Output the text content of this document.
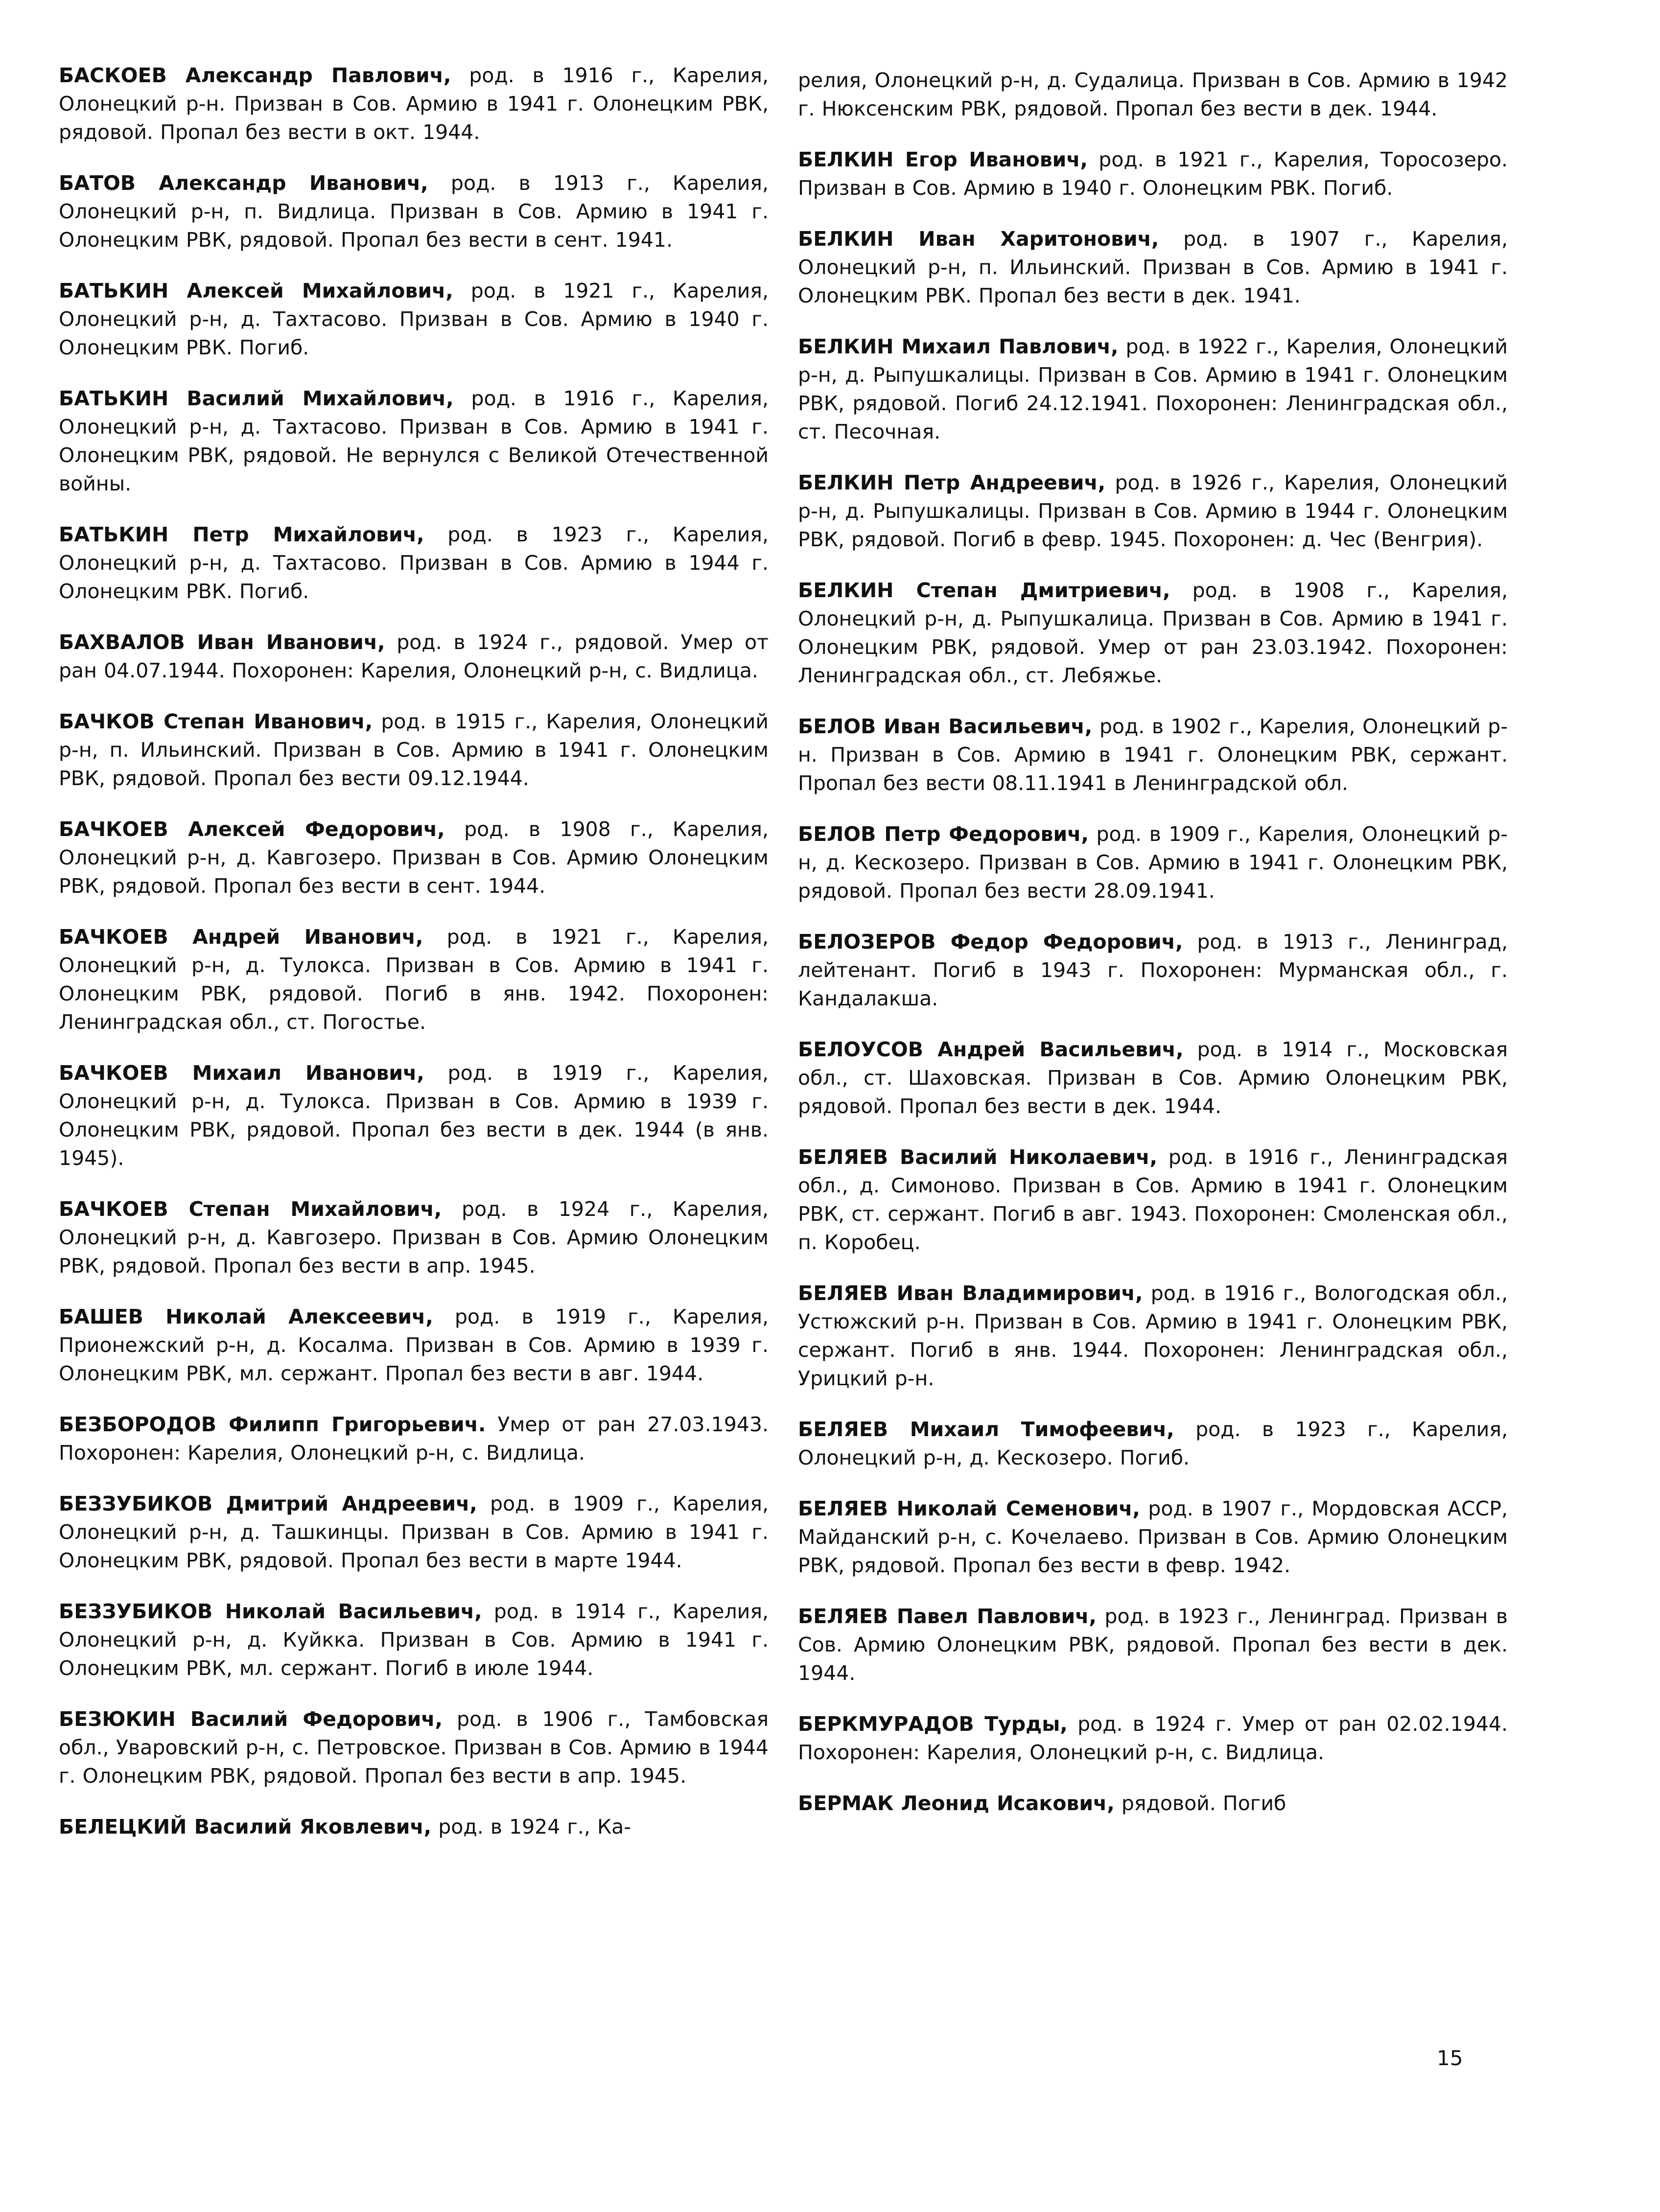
БАСКОЕВ Александр Павлович, род. в 1916 г., Карелия, Олонецкий р-н. Призван в Сов. Армию в 1941 г. Олонецким РВК, рядовой. Пропал без вести в окт. 1944.

БАТОВ Александр Иванович, род. в 1913 г., Карелия, Олонецкий р-н, п. Видлица. Призван в Сов. Армию в 1941 г. Олонецким РВК, рядовой. Пропал без вести в сент. 1941.

БАТЬКИН Алексей Михайлович, род. в 1921 г., Карелия, Олонецкий р-н, д. Тахтасово. Призван в Сов. Армию в 1940 г. Олонецким РВК. Погиб.

БАТЬКИН Василий Михайлович, род. в 1916 г., Карелия, Олонецкий р-н, д. Тахтасово. Призван в Сов. Армию в 1941 г. Олонецким РВК, рядовой. Не вернулся с Великой Отечественной войны.

БАТЬКИН Петр Михайлович, род. в 1923 г., Карелия, Олонецкий р-н, д. Тахтасово. Призван в Сов. Армию в 1944 г. Олонецким РВК. Погиб.

БАХВАЛОВ Иван Иванович, род. в 1924 г., рядовой. Умер от ран 04.07.1944. Похоронен: Карелия, Олонецкий р-н, с. Видлица.

БАЧКОВ Степан Иванович, род. в 1915 г., Карелия, Олонецкий р-н, п. Ильинский. Призван в Сов. Армию в 1941 г. Олонецким РВК, рядовой. Пропал без вести 09.12.1944.

БАЧКОЕВ Алексей Федорович, род. в 1908 г., Карелия, Олонецкий р-н, д. Кавгозеро. Призван в Сов. Армию Олонецким РВК, рядовой. Пропал без вести в сент. 1944.

БАЧКОЕВ Андрей Иванович, род. в 1921 г., Карелия, Олонецкий р-н, д. Тулокса. Призван в Сов. Армию в 1941 г. Олонецким РВК, рядовой. Погиб в янв. 1942. Похоронен: Ленинградская обл., ст. Погостье.

БАЧКОЕВ Михаил Иванович, род. в 1919 г., Карелия, Олонецкий р-н, д. Тулокса. Призван в Сов. Армию в 1939 г. Олонецким РВК, рядовой. Пропал без вести в дек. 1944 (в янв. 1945).

БАЧКОЕВ Степан Михайлович, род. в 1924 г., Карелия, Олонецкий р-н, д. Кавгозеро. Призван в Сов. Армию Олонецким РВК, рядовой. Пропал без вести в апр. 1945.

БАШЕВ Николай Алексеевич, род. в 1919 г., Карелия, Прионежский р-н, д. Косалма. Призван в Сов. Армию в 1939 г. Олонецким РВК, мл. сержант. Пропал без вести в авг. 1944.

БЕЗБОРОДОВ Филипп Григорьевич. Умер от ран 27.03.1943. Похоронен: Карелия, Олонецкий р-н, с. Видлица.

БЕЗЗУБИКОВ Дмитрий Андреевич, род. в 1909 г., Карелия, Олонецкий р-н, д. Ташкинцы. Призван в Сов. Армию в 1941 г. Олонецким РВК, рядовой. Пропал без вести в марте 1944.

БЕЗЗУБИКОВ Николай Васильевич, род. в 1914 г., Карелия, Олонецкий р-н, д. Куйкка. Призван в Сов. Армию в 1941 г. Олонецким РВК, мл. сержант. Погиб в июле 1944.

БЕЗЮКИН Василий Федорович, род. в 1906 г., Тамбовская обл., Уваровский р-н, с. Петровское. Призван в Сов. Армию в 1944 г. Олонецким РВК, рядовой. Пропал без вести в апр. 1945.

БЕЛЕЦКИЙ Василий Яковлевич, род. в 1924 г., Ка-

релия, Олонецкий р-н, д. Судалица. Призван в Сов. Армию в 1942 г. Нюксенским РВК, рядовой. Пропал без вести в дек. 1944.

БЕЛКИН Егор Иванович, род. в 1921 г., Карелия, Торосозеро. Призван в Сов. Армию в 1940 г. Олонецким РВК. Погиб.

БЕЛКИН Иван Харитонович, род. в 1907 г., Карелия, Олонецкий р-н, п. Ильинский. Призван в Сов. Армию в 1941 г. Олонецким РВК. Пропал без вести в дек. 1941.

БЕЛКИН Михаил Павлович, род. в 1922 г., Карелия, Олонецкий р-н, д. Рыпушкалицы. Призван в Сов. Армию в 1941 г. Олонецким РВК, рядовой. Погиб 24.12.1941. Похоронен: Ленинградская обл., ст. Песочная.

БЕЛКИН Петр Андреевич, род. в 1926 г., Карелия, Олонецкий р-н, д. Рыпушкалицы. Призван в Сов. Армию в 1944 г. Олонецким РВК, рядовой. Погиб в февр. 1945. Похоронен: д. Чес (Венгрия).

БЕЛКИН Степан Дмитриевич, род. в 1908 г., Карелия, Олонецкий р-н, д. Рыпушкалица. Призван в Сов. Армию в 1941 г. Олонецким РВК, рядовой. Умер от ран 23.03.1942. Похоронен: Ленинградская обл., ст. Лебяжье.

БЕЛОВ Иван Васильевич, род. в 1902 г., Карелия, Олонецкий р-н. Призван в Сов. Армию в 1941 г. Олонецким РВК, сержант. Пропал без вести 08.11.1941 в Ленинградской обл.

БЕЛОВ Петр Федорович, род. в 1909 г., Карелия, Олонецкий р-н, д. Кескозеро. Призван в Сов. Армию в 1941 г. Олонецким РВК, рядовой. Пропал без вести 28.09.1941.

БЕЛОЗЕРОВ Федор Федорович, род. в 1913 г., Ленинград, лейтенант. Погиб в 1943 г. Похоронен: Мурманская обл., г. Кандалакша.

БЕЛОУСОВ Андрей Васильевич, род. в 1914 г., Московская обл., ст. Шаховская. Призван в Сов. Армию Олонецким РВК, рядовой. Пропал без вести в дек. 1944.

БЕЛЯЕВ Василий Николаевич, род. в 1916 г., Ленинградская обл., д. Симоново. Призван в Сов. Армию в 1941 г. Олонецким РВК, ст. сержант. Погиб в авг. 1943. Похоронен: Смоленская обл., п. Коробец.

БЕЛЯЕВ Иван Владимирович, род. в 1916 г., Вологодская обл., Устюжский р-н. Призван в Сов. Армию в 1941 г. Олонецким РВК, сержант. Погиб в янв. 1944. Похоронен: Ленинградская обл., Урицкий р-н.

БЕЛЯЕВ Михаил Тимофеевич, род. в 1923 г., Карелия, Олонецкий р-н, д. Кескозеро. Погиб.

БЕЛЯЕВ Николай Семенович, род. в 1907 г., Мордовская АССР, Майданский р-н, с. Кочелаево. Призван в Сов. Армию Олонецким РВК, рядовой. Пропал без вести в февр. 1942.

БЕЛЯЕВ Павел Павлович, род. в 1923 г., Ленинград. Призван в Сов. Армию Олонецким РВК, рядовой. Пропал без вести в дек. 1944.

БЕРКМУРАДОВ Турды, род. в 1924 г. Умер от ран 02.02.1944. Похоронен: Карелия, Олонецкий р-н, с. Видлица.

БЕРМАК Леонид Исакович, рядовой. Погиб

15
